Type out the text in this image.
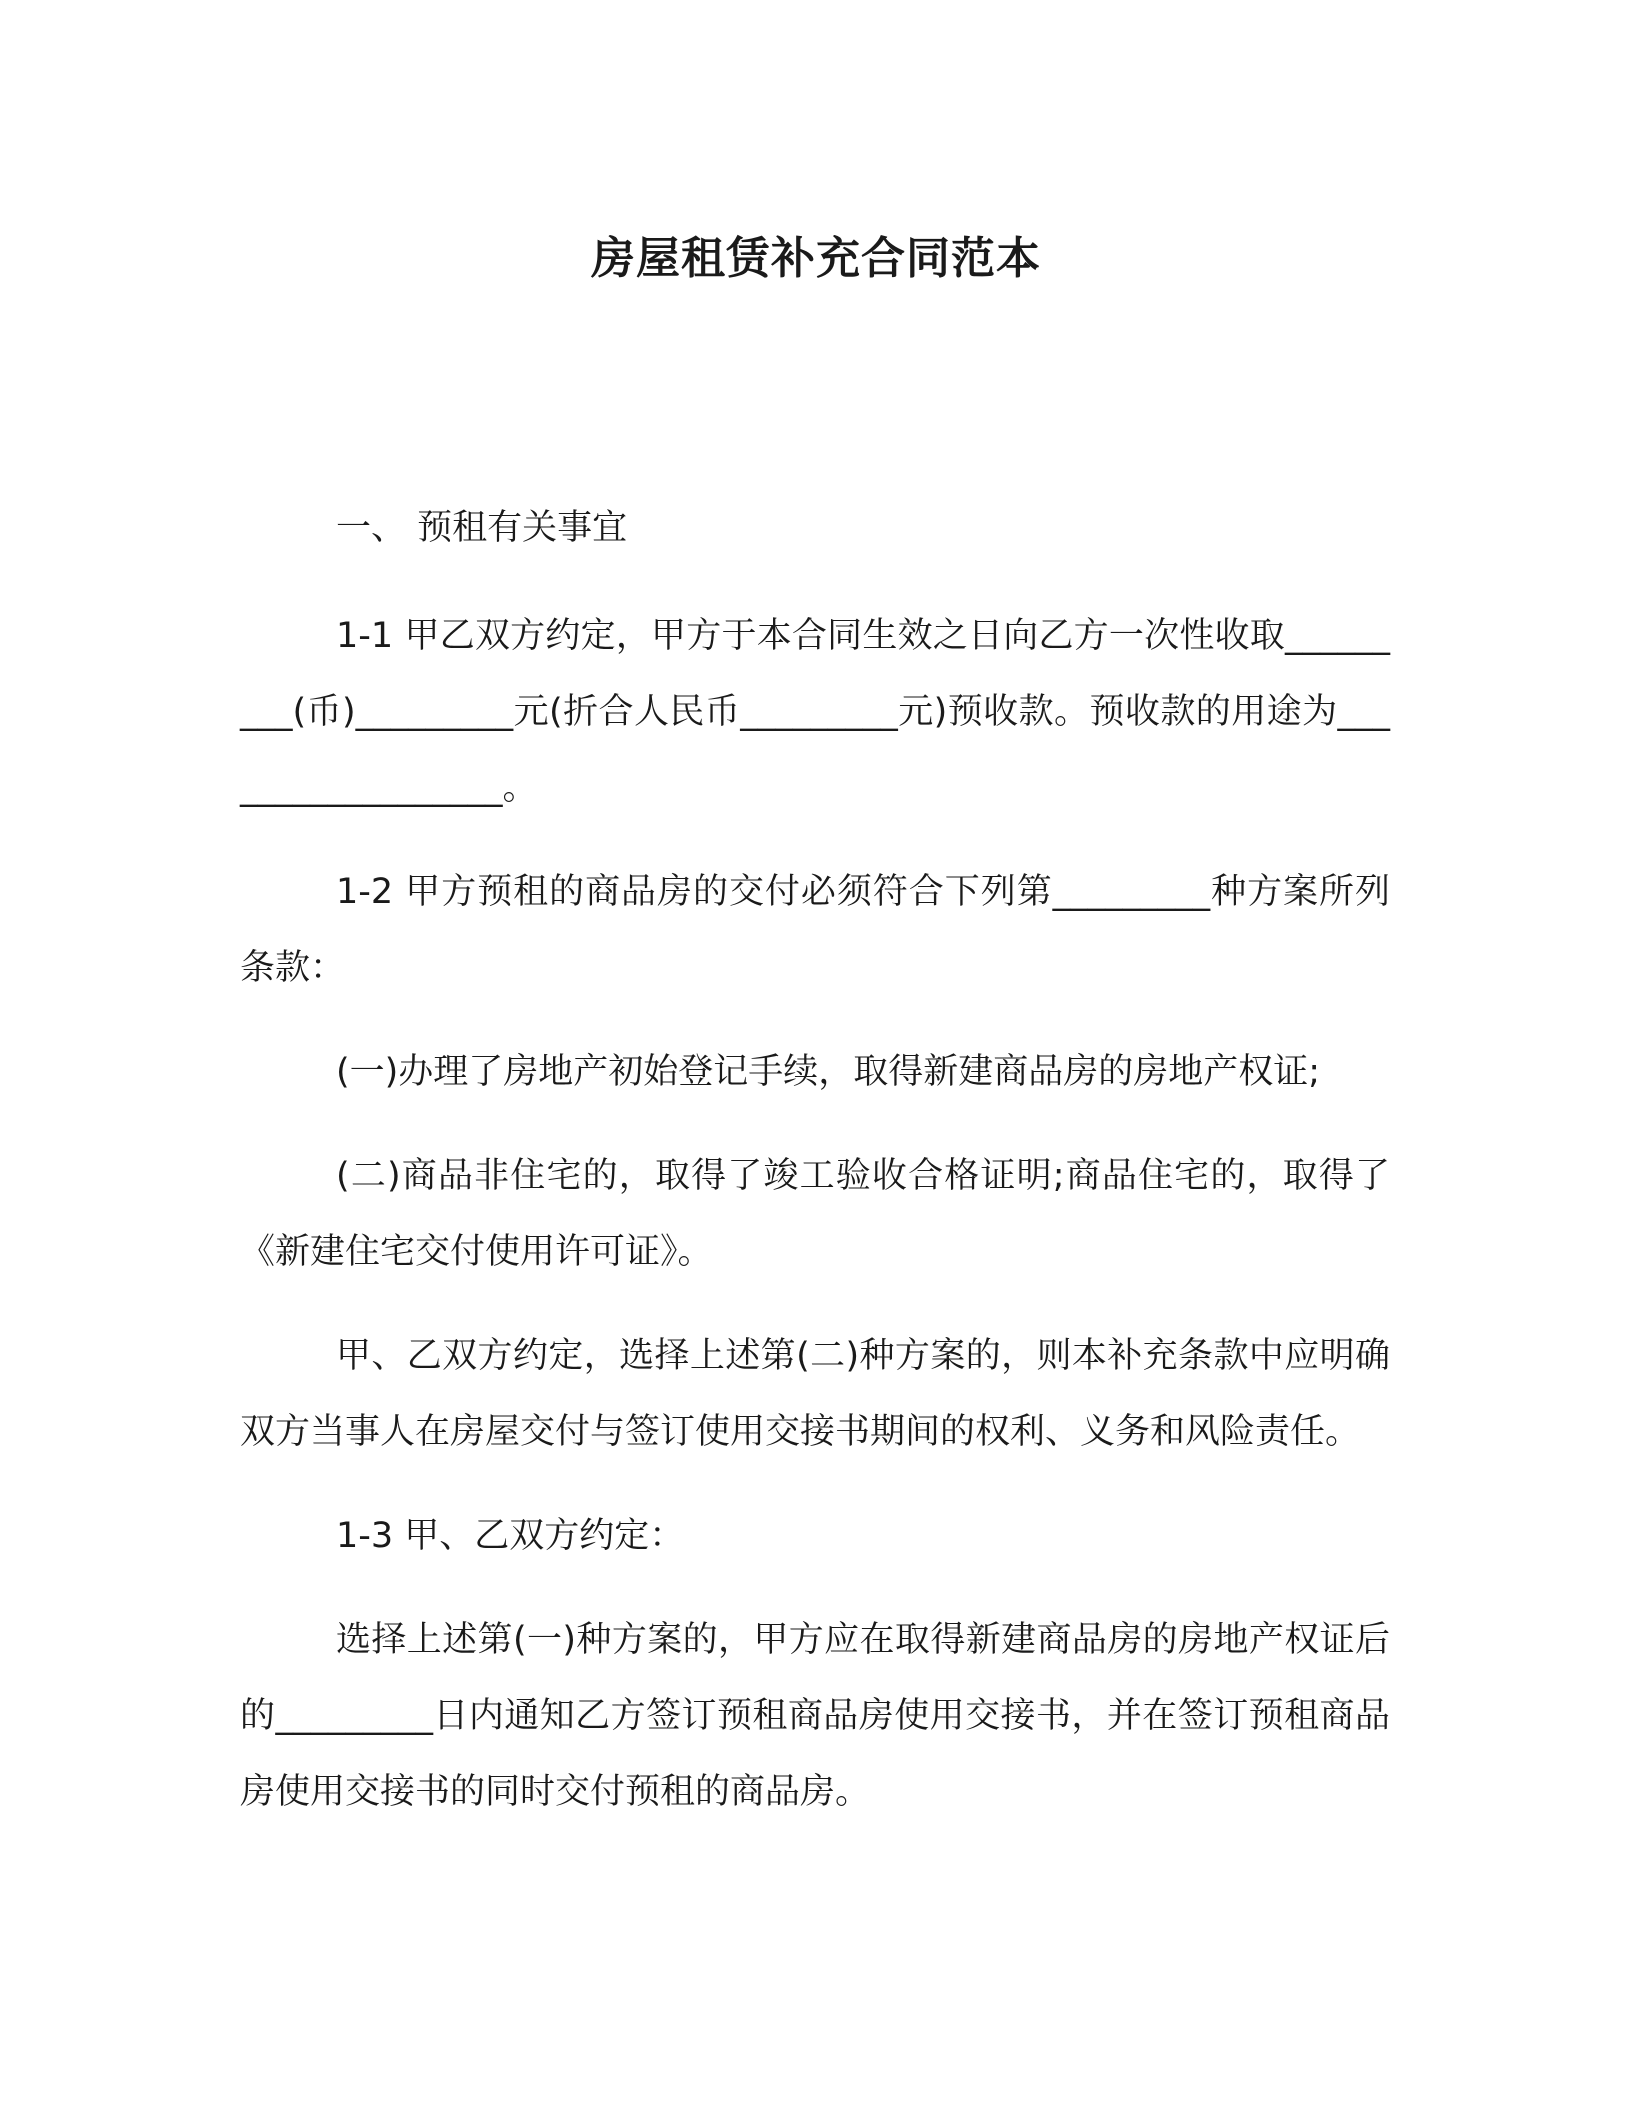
房屋租赁补充合同范本

一、 预租有关事宜

1-1 甲乙双方约定，甲方于本合同生效之日向乙方一次性收取_________(币)_________元(折合人民币_________元)预收款。预收款的用途为__________________。

1-2 甲方预租的商品房的交付必须符合下列第_________种方案所列条款：

(一)办理了房地产初始登记手续，取得新建商品房的房地产权证;

(二)商品非住宅的，取得了竣工验收合格证明;商品住宅的，取得了《新建住宅交付使用许可证》。

甲、乙双方约定，选择上述第(二)种方案的，则本补充条款中应明确双方当事人在房屋交付与签订使用交接书期间的权利、义务和风险责任。

1-3 甲、乙双方约定：

选择上述第(一)种方案的，甲方应在取得新建商品房的房地产权证后的_________日内通知乙方签订预租商品房使用交接书，并在签订预租商品房使用交接书的同时交付预租的商品房。
